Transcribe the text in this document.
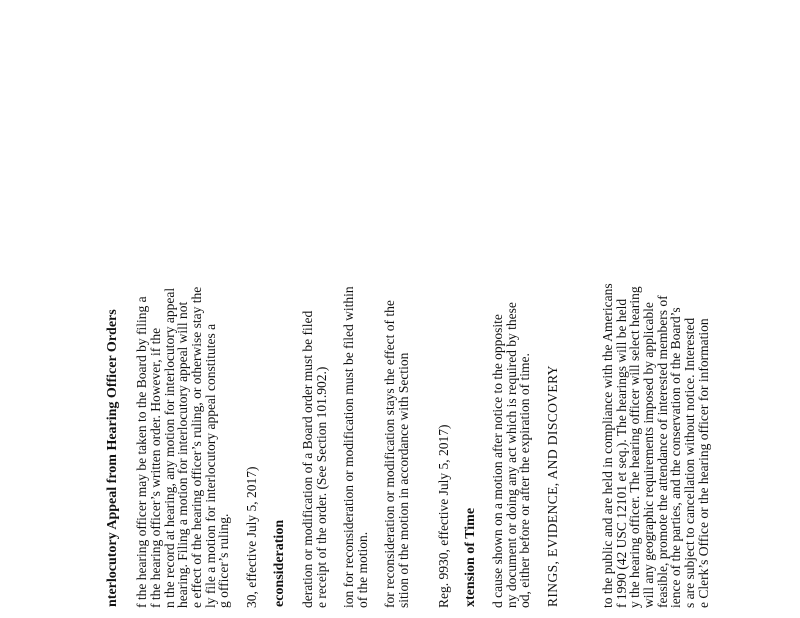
nterlocutory Appeal from Hearing Officer Orders f the hearing officer may be taken to the Board by filing a f the hearing officer’s written order. However, if the n the record at hearing, any motion for interlocutory appeal
hearing. Filing a motion for interlocutory appeal will not e effect of the hearing officer’s ruling, or otherwise stay the ly file a motion for interlocutory appeal constitutes a
g officer’s ruling. 30, effective July 5, 2017) econsideration deration or modification of a Board order must be filed e receipt of the order. (See Section 101.902.) ion for reconsideration or modification must be filed within of the motion. for reconsideration or modification stays the effect of the sition of the motion in accordance with Section Reg. 9930, effective July 5, 2017) xtension of Time d cause shown on a motion after notice to the opposite ny document or doing any act which is required by these
od, either before or after the expiration of time. RINGS, EVIDENCE, AND DISCOVERY	to the public and are held in compliance with the Americans f 1990 (42 USC 12101 et seq.). The hearings will be held
y the hearing officer. The hearing officer will select hearing will any geographic requirements imposed by applicable feasible, promote the attendance of interested members of
ience of the parties, and the conservation of the Board’s s are subject to cancellation without notice. Interested e Clerk’s Office or the hearing officer for information
